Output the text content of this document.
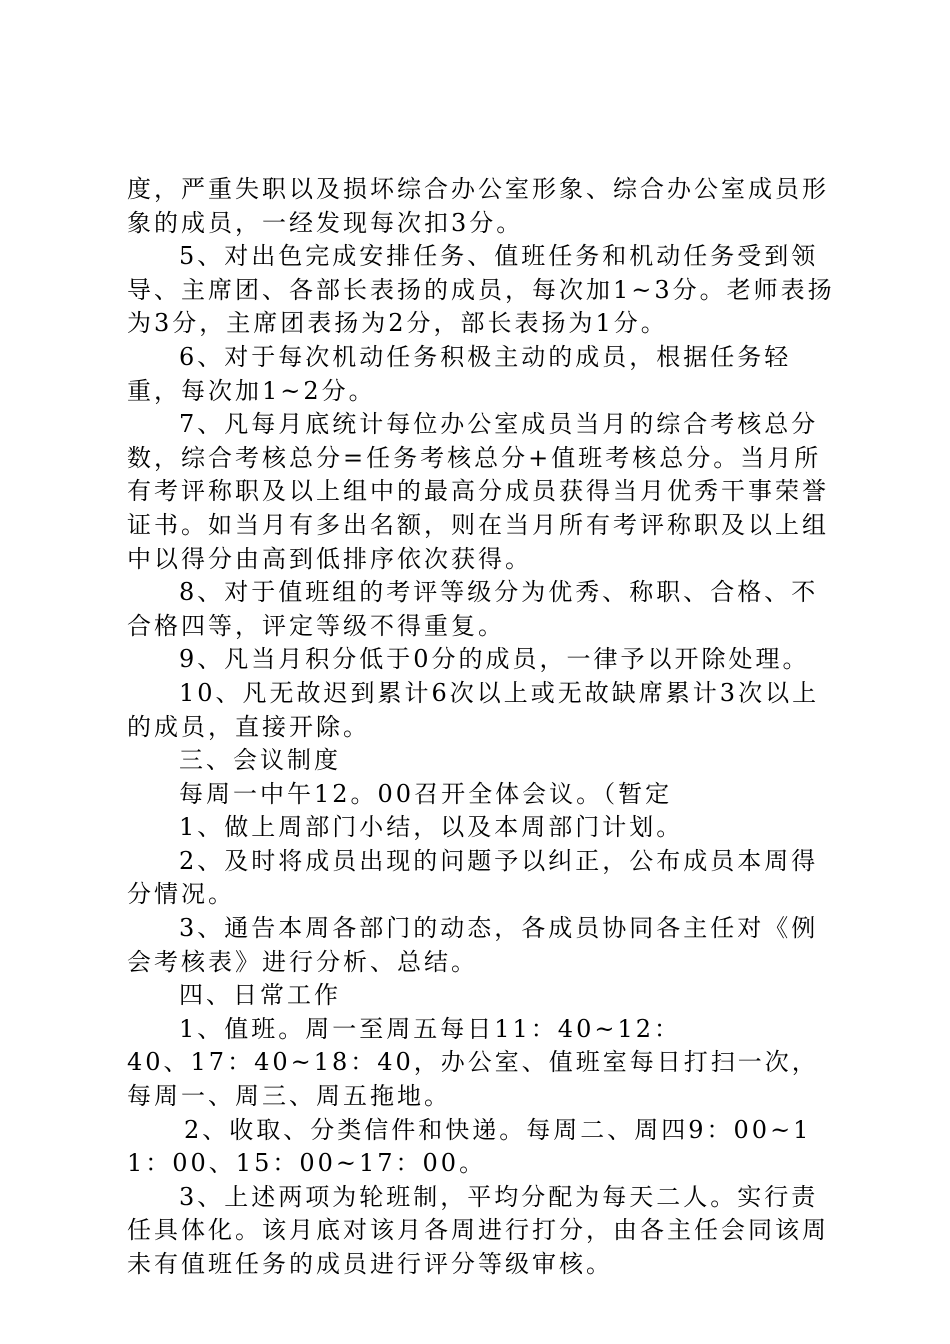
度，严重失职以及损坏综合办公室形象、综合办公室成员形象的成员，一经发现每次扣3分。

5、对出色完成安排任务、值班任务和机动任务受到领导、主席团、各部长表扬的成员，每次加1~3分。老师表扬为3分，主席团表扬为2分，部长表扬为1分。

6、对于每次机动任务积极主动的成员，根据任务轻重，每次加1~2分。

7、凡每月底统计每位办公室成员当月的综合考核总分数，综合考核总分=任务考核总分+值班考核总分。当月所有考评称职及以上组中的最高分成员获得当月优秀干事荣誉证书。如当月有多出名额，则在当月所有考评称职及以上组中以得分由高到低排序依次获得。

8、对于值班组的考评等级分为优秀、称职、合格、不合格四等，评定等级不得重复。

9、凡当月积分低于0分的成员，一律予以开除处理。

10、凡无故迟到累计6次以上或无故缺席累计3次以上的成员，直接开除。

三、会议制度

每周一中午12。00召开全体会议。（暂定

1、做上周部门小结，以及本周部门计划。

2、及时将成员出现的问题予以纠正，公布成员本周得分情况。

3、通告本周各部门的动态，各成员协同各主任对《例会考核表》进行分析、总结。

四、日常工作

1、值班。周一至周五每日11：40~12：

40、17：40~18：40，办公室、值班室每日打扫一次，每周一、周三、周五拖地。

2、收取、分类信件和快递。每周二、周四9：00~11：00、15：00~17：00。

3、上述两项为轮班制，平均分配为每天二人。实行责任具体化。该月底对该月各周进行打分，由各主任会同该周未有值班任务的成员进行评分等级审核。
